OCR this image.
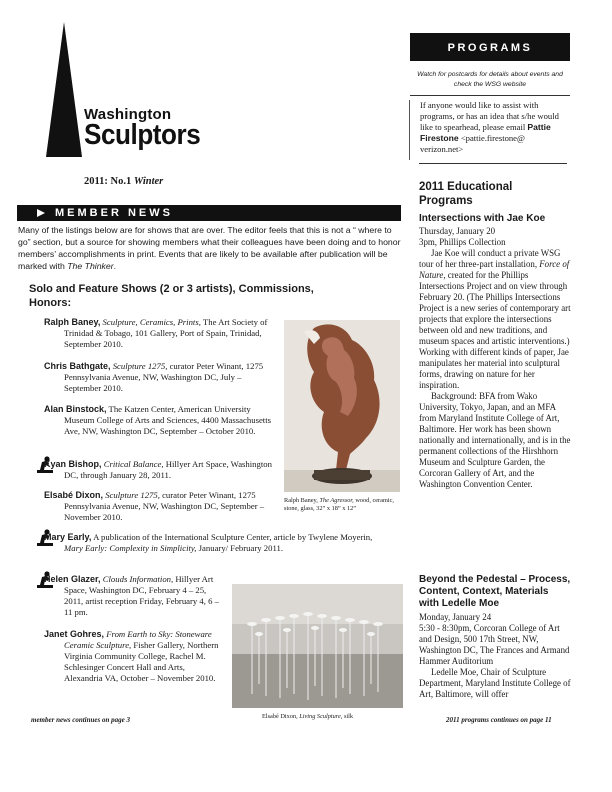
Washington
Sculptors
2011: No.1 Winter
MEMBER NEWS
Many of the listings below are for shows that are over. The editor feels that this is not a “ where to go” section, but a source for showing members what their colleagues have been doing and to honor members’ accomplishments in print. Events that are likely to be available after publication will be marked with The Thinker.
Solo and Feature Shows (2 or 3 artists), Commissions, Honors:
Ralph Baney, Sculpture, Ceramics, Prints, The Art Society of Trinidad & Tobago, 101 Gallery, Port of Spain, Trinidad, September 2010.
Chris Bathgate, Sculpture 1275, curator Peter Winant, 1275 Pennsylvania Avenue, NW, Washington DC, July – September 2010.
Alan Binstock, The Katzen Center, American University Museum College of Arts and Sciences, 4400 Massachusetts Ave, NW, Washington DC, September – October 2010.
Kyan Bishop, Critical Balance, Hillyer Art Space, Washington DC, through January 28, 2011.
Elsabé Dixon, Sculpture 1275, curator Peter Winant, 1275 Pennsylvania Avenue, NW, Washington DC, September – November 2010.
Mary Early, A publication of the International Sculpture Center, article by Twylene Moyerin, Mary Early: Complexity in Simplicity, January/ February 2011.
Helen Glazer, Clouds Information, Hillyer Art Space, Washington DC, February 4 – 25, 2011, artist reception Friday, February 4, 6 – 11 pm.
Janet Gohres, From Earth to Sky: Stoneware Ceramic Sculpture, Fisher Gallery, Northern Virginia Community College, Rachel M. Schlesinger Concert Hall and Arts, Alexandria VA, October – November 2010.
Ralph Baney, The Agressor, wood, ceramic, stone, glass, 32” x 18” x 12”
Elsabé Dixon, Living Sculpture, silk
member news continues on page 3
PROGRAMS
Watch for postcards for details about events and check the WSG website
If anyone would like to assist with programs, or has an idea that s/he would like to spearhead, please email Pattie Firestone <pattie.firestone@ verizon.net>
2011 Educational Programs
Intersections with Jae Koe

Thursday, January 20

3pm, Phillips Collection

Jae Koe will conduct a private WSG tour of her three-part installation, Force of Nature, created for the Phillips Intersections Project and on view through February 20. (The Phillips Intersections Project is a new series of contemporary art projects that explore the intersections between old and new traditions, and museum spaces and artistic interventions.) Working with different kinds of paper, Jae manipulates her material into sculptural forms, drawing on nature for her inspiration.

Background: BFA from Wako University, Tokyo, Japan, and an MFA from Maryland Institute College of Art, Baltimore. Her work has been shown nationally and internationally, and is in the permanent collections of the Hirshhorn Museum and Sculpture Garden, the Corcoran Gallery of Art, and the Washington Convention Center.

Beyond the Pedestal – Process, Content, Context, Materials with Ledelle Moe

Monday, January 24

5:30 - 8:30pm, Corcoran College of Art and Design, 500 17th Street, NW, Washington DC, The Frances and Armand Hammer Auditorium

Ledelle Moe, Chair of Sculpture Department, Maryland Institute College of Art, Baltimore, will offer

2011 programs continues on page 11
